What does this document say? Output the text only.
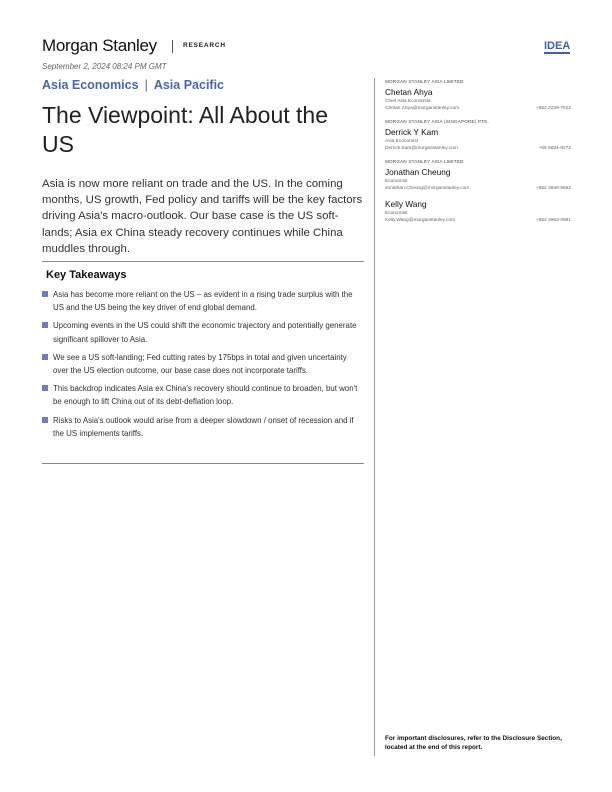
Morgan Stanley	RESEARCH	IDEA
September 2, 2024 08:24 PM GMT
Asia Economics | Asia Pacific
The Viewpoint: All About the US

Asia is now more reliant on trade and the US. In the coming months, US growth, Fed policy and tariffs will be the key factors driving Asia's macro-outlook. Our base case is the US soft-lands; Asia ex China steady recovery continues while China muddles through.

Key Takeaways
Asia has become more reliant on the US – as evident in a rising trade surplus with the US and the US being the key driver of end global demand.
Upcoming events in the US could shift the economic trajectory and potentially generate significant spillover to Asia.
We see a US soft-landing; Fed cutting rates by 175bps in total and given uncertainty over the US election outcome, our base case does not incorporate tariffs.
This backdrop indicates Asia ex China's recovery should continue to broaden, but won't be enough to lift China out of its debt-deflation loop.
Risks to Asia's outlook would arise from a deeper slowdown / onset of recession and if the US implements tariffs.
MORGAN STANLEY ASIA LIMITED
Chetan Ahya
Chief Asia Economist
Chetan.Ahya@morganstanley.com	+852 2239-7812
MORGAN STANLEY ASIA (SINGAPORE) PTE.
Derrick Y Kam
Asia Economist
Derrick.Kam@morganstanley.com	+65 6834-8272
MORGAN STANLEY ASIA LIMITED
Jonathan Cheung
Economist
Jonathan.Cheung@morganstanley.com	+852 3848-5652
Kelly Wang
Economist
Kelly.Wang@morganstanley.com	+852 3963-0891
For important disclosures, refer to the Disclosure Section, located at the end of this report.
